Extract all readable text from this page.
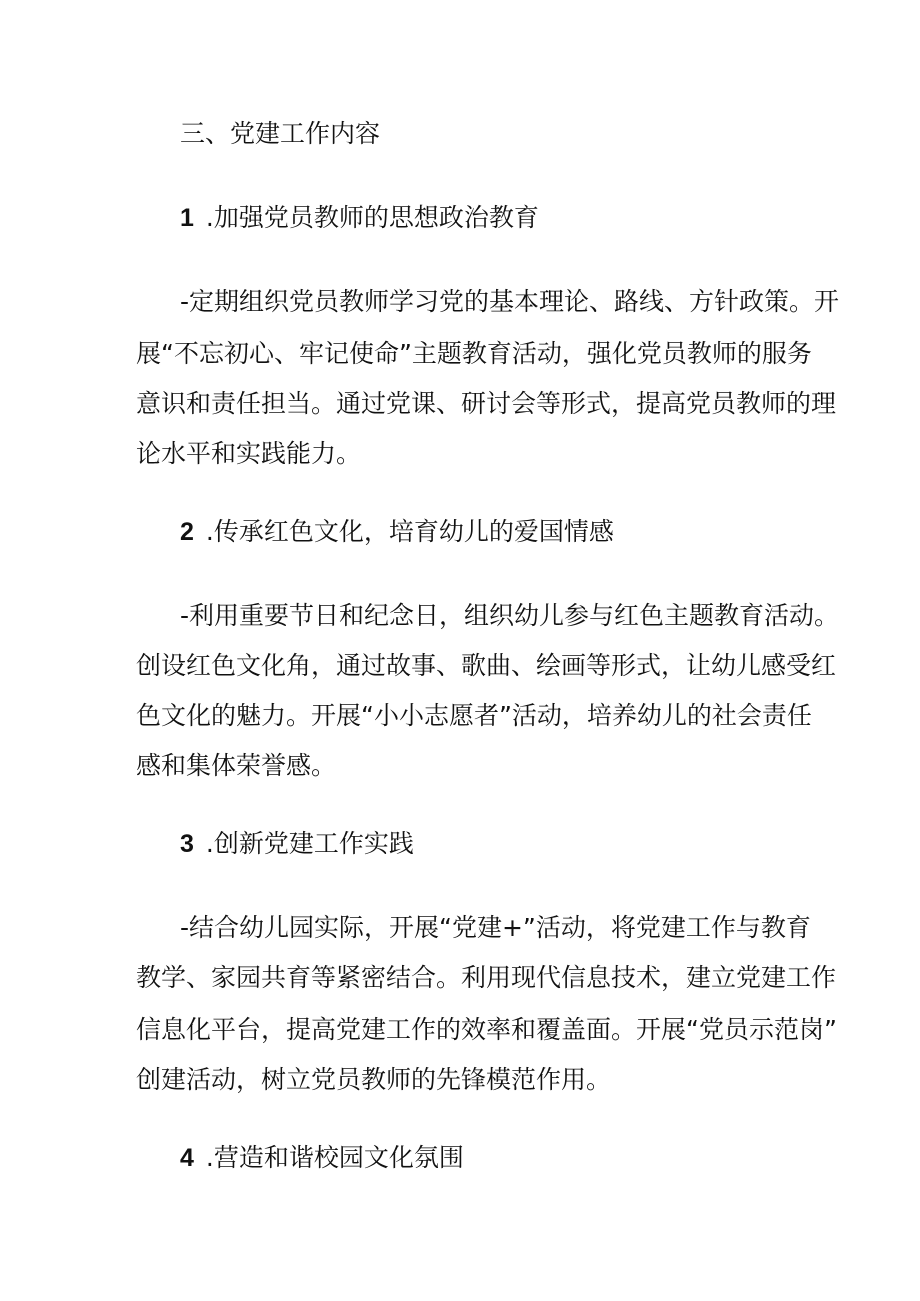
三、党建工作内容

1 .加强党员教师的思想政治教育

-定期组织党员教师学习党的基本理论、路线、方针政策。开

展“不忘初心、牢记使命”主题教育活动，强化党员教师的服务

意识和责任担当。通过党课、研讨会等形式，提高党员教师的理

论水平和实践能力。

2 .传承红色文化，培育幼儿的爱国情感

-利用重要节日和纪念日，组织幼儿参与红色主题教育活动。

创设红色文化角，通过故事、歌曲、绘画等形式，让幼儿感受红

色文化的魅力。开展“小小志愿者”活动，培养幼儿的社会责任

感和集体荣誉感。

3 .创新党建工作实践

-结合幼儿园实际，开展“党建+”活动，将党建工作与教育

教学、家园共育等紧密结合。利用现代信息技术，建立党建工作

信息化平台，提高党建工作的效率和覆盖面。开展“党员示范岗”

创建活动，树立党员教师的先锋模范作用。

4 .营造和谐校园文化氛围
